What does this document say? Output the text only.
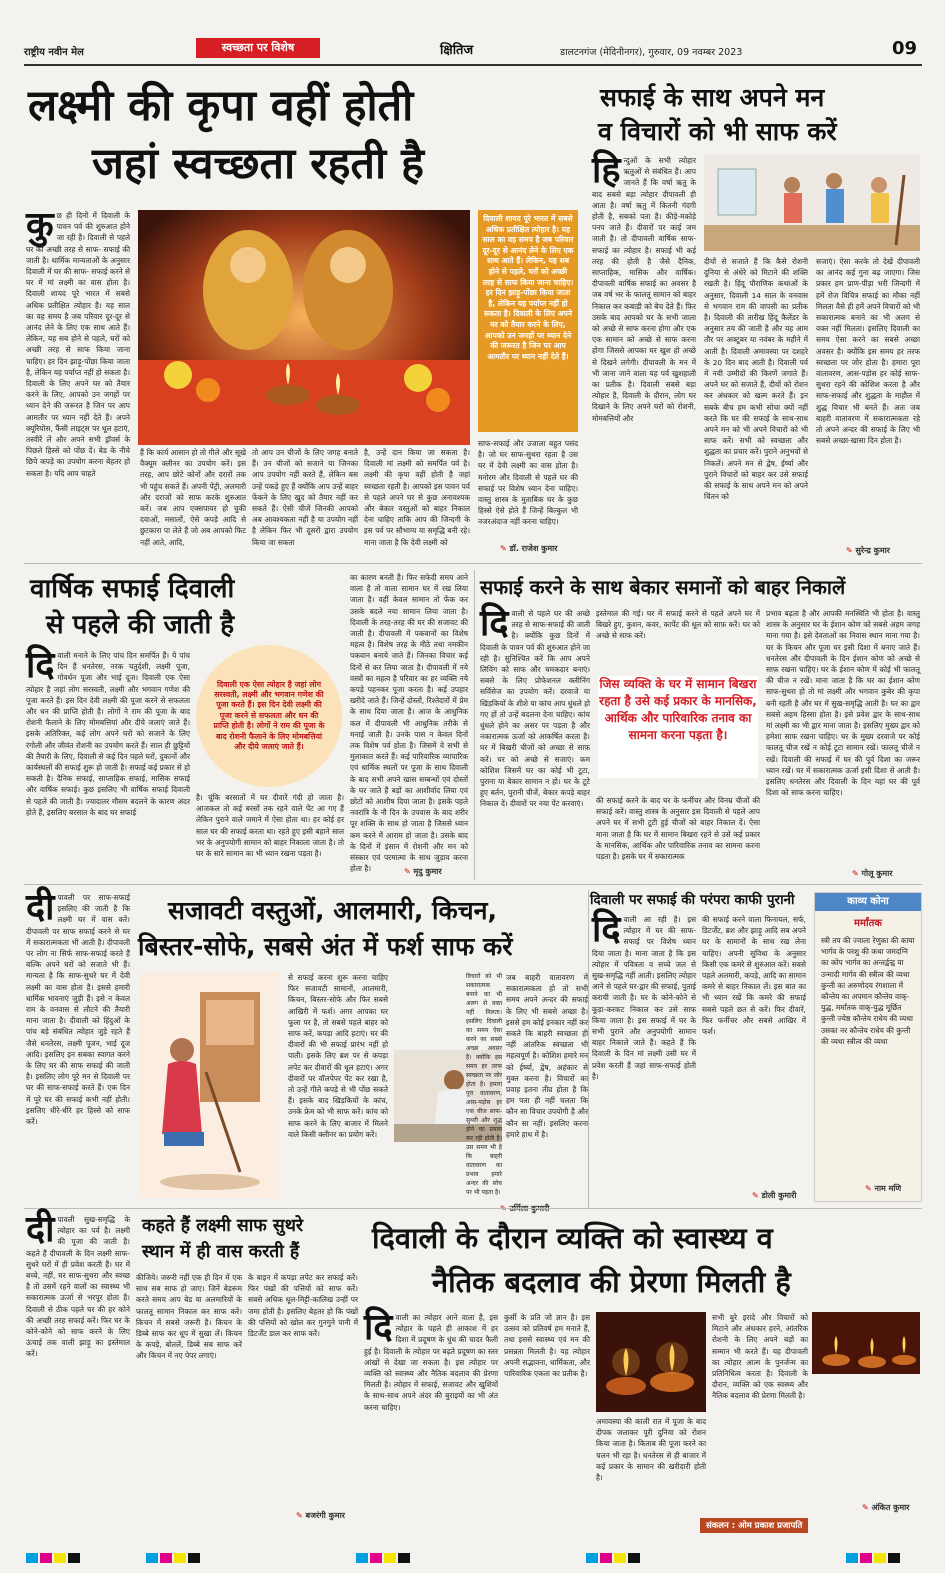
राष्ट्रीय नवीन मेल	स्वच्छता पर विशेष	क्षितिज	डालटनगंज (मेदिनीनगर), गुरुवार, 09 नवम्बर 2023	09
लक्ष्मी की कृपा वहीं होती
जहां स्वच्छता रहती है
कु छ ही दिनों में दिवाली के पावन पर्व की शुरुआत होने जा रही है। दिवाली से पहले घर की अच्छी तरह से साफ- सफाई की जाती है। धार्मिक मान्यताओं के अनुसार दिवाली में घर की साफ- सफाई करने से घर में मां लक्ष्मी का वास होता है। दिवाली शायद पूरे भारत में सबसे अधिक प्रतीक्षित त्योहार है। यह साल का वह समय है जब परिवार दूर-दूर से आनंद लेने के लिए एक साथ आते हैं। लेकिन, यह सब होने से पहले, घरों को अच्छी तरह से साफ किया जाना चाहिए। हर दिन झाड़ू-पोंछा किया जाता है, लेकिन यह पर्याप्त नहीं हो सकता है। दिवाली के लिए अपने घर को तैयार करने के लिए, आपको उन जगहों पर ध्यान देने की जरूरत है जिन पर आप आमतौर पर ध्यान नहीं देते हैं। अपने क्यूरियोस, फैंसी लाइट्स पर धूल हटाएं, तस्वीरें लें और अपने सभी ड्रॉवर्स के पिछले हिस्से को पोंछ दें। बेड के नीचे छिपे कपड़े का उपयोग करना बेहतर हो सकता है। यदि आप चाहते
हैं कि कार्य आसान हो तो गीले और सूखे वैक्यूम क्लीनर का उपयोग करें। इस तरह, आप छोटे कोनों और दरारों तक भी पहुंच सकते हैं। अपनी पेंट्री, अलमारी और दराजों को साफ करके शुरुआत करें। जब आप एक्सपायर हो चुकी दवाओं, मसालों, ऐसे कपड़े आदि से छुटकारा पा लेते हैं जो अब आपको फिट नहीं आते, आदि,
तो आप उन चीजों के लिए जगह बनाते हैं। उन चीजों को सजाने या जिनका आप उपयोग नहीं करते हैं, लेकिन बस उन्हें पकड़े हुए हैं क्योंकि आप उन्हें बाहर फेंकने के लिए खुद को तैयार नहीं कर सकते हैं। ऐसी चीजें जिनकी आपको अब आवश्यकता नहीं है या उपयोग नहीं है लेकिन फिर भी दूसरों द्वारा उपयोग किया जा सकता
है, उन्हें दान किया जा सकता है। दिवाली मां लक्ष्मी को समर्पित पर्व है। लक्ष्मी की कृपा वहीं होती है जहां स्वच्छता रहती है। आपको इस पावन पर्व से पहले अपने घर से कुछ अनावश्यक और बेकार वस्तुओं को बाहर निकाल देना चाहिए ताकि आप की जिन्दगी के इस पर्व पर सौभाग्य या समृद्धि बनी रहे। माना जाता है कि देवी लक्ष्मी को
दिवाली शायद पूरे भारत में सबसे अधिक प्रतीक्षित त्योहार है। यह साल का वह समय है जब परिवार दूर-दूर से आनंद लेने के लिए एक साथ आते हैं। लेकिन, यह सब होने से पहले, घरों को अच्छी तरह से साफ किया जाना चाहिए। हर दिन झाड़ू-पोंछा किया जाता है, लेकिन यह पर्याप्त नहीं हो सकता है। दिवाली के लिए अपने घर को तैयार करने के लिए, आपको उन जगहों पर ध्यान देने की जरूरत है जिन पर आप आमतौर पर ध्यान नहीं देते हैं।
साफ-सफाई और उजाला बहुत पसंद है। जो घर साफ-सुथरा रहता है उस घर में देवी लक्ष्मी का वास होता है। मनोरम और दिवाली से पहले घर की सफाई पर विशेष ध्यान देना चाहिए। वास्तु शास्त्र के मुताबिक घर के कुछ हिस्से ऐसे होते हैं जिन्हें बिल्कुल भी नजरअंदाज नहीं करना चाहिए।
✎ डॉ. राजेश कुमार
सफाई के साथ अपने मन
व विचारों को भी साफ करें
हि न्दुओं के सभी त्योहार ऋतुओं से संबंधित हैं। आप जानते हैं कि वर्षा ऋतु के बाद सबसे बड़ा त्योहार दीपावली ही आता है। वर्षा ऋतु में कितनी गंदगी होती है, सबको पता है। कीड़े-मकोड़े पनप जाते हैं। दीवारों पर काई जम जाती है। तो दीपावली वार्षिक साफ-सफाई का त्योहार है। सफाई भी कई तरह की होती है जैसे दैनिक, साप्ताहिक, मासिक और वार्षिक। दीपावली वार्षिक सफाई का अवसर है जब वर्ष भर के फालतू सामान को बाहर निकाल कर कबाड़ी को बेच देते हैं। फिर उसके बाद आपको घर के सभी जाला को अच्छे से साफ करना होगा और एक एक सामान को अच्छे से साफ करना होगा जिससे आपका घर खुश हो अच्छे से दिखने लगेगी। दीपावली के मन में भी जाना जाने वाला यह पर्व खुशहाली का प्रतीक है। दिवाली सबसे बड़ा त्योहार है, दिवाली के दौरान, लोग घर दिखाने के लिए अपने घरों को रोशनी, मोमबत्तियों और
दीयों से सजाते हैं कि कैसे रोशनी दुनिया से अंधेरे को मिटाने की शक्ति रखती है। हिंदू पौराणिक कथाओं के अनुसार, दिवाली 14 साल के वनवास से भगवान राम की वापसी का प्रतीक है। दिवाली की तारीख हिंदू कैलेंडर के अनुसार तय की जाती है और यह आम तौर पर अक्टूबर या नवंबर के महीने में आती है। दिवाली अमावस्या पर दशहरे के 20 दिन बाद आती है। दिवाली पर्व में नयी उम्मीदों की किरणें जगाते हैं। अपने घर को सजाते हैं, दीयों को रोशन कर अंधकार को खत्म करते हैं। इन सबके बीच हम कभी सोचा क्यों नहीं करते कि घर की सफाई के साथ-साथ अपने मन को भी अपने विचारों को भी साफ करें। सभी को स्वच्छता और शुद्धता का प्रचार करें। पुराने अनुभवों से निकलें। अपने मन से द्वेष, ईर्ष्या और पुराने विचारों को बाहर कर उसे सफाई की सफाई के साथ अपने मन को अपने चिंतन को
सजाएं। ऐसा करके तो देखें दीपावली का आनंद कई गुना बढ़ जाएगा। जिस प्रकार हम प्राण-पीड़ा भरी जिन्दगी में हमें रोज विचित्र सफाई का मौका नहीं मिलता वैसे ही हमें अपने विचारों को भी सकारात्मक बनाने का भी अलग से वक्त नहीं मिलता। इसलिए दिवाली का समय ऐसा करने का सबसे अच्छा अवसर है। क्योंकि इस समय हर तरफ स्वच्छता पर जोर होता है। हमारा पूरा वातावरण, आस-पड़ोस हर कोई साफ-सुथरा रहने की कोशिश करता है और साफ-सफाई और शुद्धता के माहौल में शुद्ध विचार भी बनते हैं। अतः जब बाहरी वातावरण में सकारात्मकता रहे तो अपने अन्दर की सफाई के लिए भी सबसे अच्छा-खासा दिन होता है।
✎ सुरेन्द्र कुमार
वार्षिक सफाई दिवाली
से पहले की जाती है
दि वाली मनाने के लिए पांच दिन समर्पित हैं। ये पांच दिन हैं धनतेरस, नरक चतुर्दशी, लक्ष्मी पूजा, गोवर्धन पूजा और भाई दूज। दिवाली एक ऐसा त्योहार है जहां लोग सरस्वती, लक्ष्मी और भगवान गणेश की पूजा करते हैं। इस दिन देवी लक्ष्मी की पूजा करने से सफलता और धन की प्राप्ति होती है। लोगों ने राम की पूजा के बाद रोशनी फैलाने के लिए मोमबत्तियां और दीये जलाएं जाते हैं। इसके अतिरिक्त, कई लोग अपने घरों को सजाने के लिए रंगोली और जीवंत रोशनी का उपयोग करते हैं। साल ही छुट्टियों की तैयारी के लिए, दिवाली से कई दिन पहले घरों, दुकानों और कार्यस्थलों की सफाई शुरू हो जाती है। सफाई कई प्रकार से हो सकती है। दैनिक सफाई, साप्ताहिक सफाई, मासिक सफाई और वार्षिक सफाई। कुछ इसलिए भी वार्षिक सफाई दिवाली से पहले की जाती है। ज्यादातर मौसम बदलने के कारण अंदर होते हैं, इसलिए बरसात के बाद घर सफाई
दिवाली एक ऐसा त्योहार है जहां लोग सरस्वती, लक्ष्मी और भगवान गणेश की पूजा करते हैं। इस दिन देवी लक्ष्मी की पूजा करने से सफलता और धन की प्राप्ति होती है। लोगों ने राम की पूजा के बाद रोशनी फैलाने के लिए मोमबत्तियां और दीये जलाएं जाते हैं।
है। चूंकि बरसातों में घर दीवारें गंदी हो जाता है। आजकल तो कई बरसों तक रहने वाले पेंट आ गए हैं लेकिन पुराने वाले जमाने में ऐसा होता था। हर कोई हर साल घर की सफाई करता था। रहते हुए इसी बहाने साल भर के अनुपयोगी सामान को बाहर निकाला जाता है। तो घर के सारे सामान का भी ध्यान रखना पड़ता है।
का कारण बनती है। फिर सफेदी समय आने वाला है तो वाला सामान घर में रख लिया जाता है। वहीं केवल सामान तो फेंक कर उसके बदले नया सामान लिया जाता है। दिवाली के तरह-तरह की घर की सजावट की जाती है। दीपावली में पकवानों का विशेष महत्व है। विशेष तरह के मीठे तथा नमकीन पकवान बनाये जाते हैं। जिनका विचार कई दिनों से कर लिया जाता है। दीपावली में नये वस्त्रों का महत्व है परिवार का हर व्यक्ति नये कपड़े पहनकर पूजा करता है। कई उपहार खरीदे जाते हैं। जिन्हें दोस्तों, रिश्तेदारों में प्रेम के साथ दिया जाता है। आज के आधुनिक कल में दीपावली भी आधुनिक तरीके से मनाई जाती है। उनके पास न केवल दिनों तक विशेष पर्व होता है। जिसमें वे सभी से मुलाकात करते हैं। कई पारिवारिक व्यापारिक एवं धार्मिक स्थलों पर पूजा के साथ दिवाली के बाद सभी अपने खास सम्बन्धों एवं दोस्तों के घर जाते हैं बड़ों का आशीर्वाद लिया एवं छोटों को आशीष दिया जाता है। इसके पहले नवरात्रि के नौ दिन के उपवास के बाद शरीर पूर शक्ति के साथ हो जाता है जिससे ध्यान कम करने में आराम हो जाता है। उसके बाद के दिनों में इंसान में रोशनी और मन को संस्कार एवं परमात्मा के साथ जुड़ाव करना होता है।
✎	मृदु कुमार
सफाई करने के साथ बेकार समानों को बाहर निकालें
दि वाली से पहले घर की अच्छे तरह से साफ-सफाई की जाती है। क्योंकि कुछ दिनों में दिवाली के पावन पर्व की शुरुआत होने जा रही है। सुनिश्चित करें कि आप अपने लिविंग को साफ और चमकदार बनाएं। सबसे के लिए प्रोफेशनल क्लीनिंग सर्विसेज का उपयोग करें। दरवाजे या खिड़कियों के शीशे या कांच आप धुंधले हो गए हों तो उन्हें बदलना देना चाहिए। कांच धुंधले होने का असर पर पड़ता है और नकारात्मक ऊर्जा को आकर्षित करता है। घर में बिखरी चीजों को अच्छा से साफ़ करें। घर को अच्छे से सजाएं। कम कोशिश जिसमें घर का कोई भी टूटा, पुराना या बेकार सामान न हो। घर के टूटे हुए बर्तन, पुरानी चीजें, बेकार कपड़े बाहर निकाल दें। दीवारों पर नया पेंट करवाएं।
इस्तेमाल की गई। घर में सफाई करने से पहले अपने घर में बिखरे हुए, कुशन, कवर, कार्पेट की धूल को साफ़ करें। घर को अच्छे से साफ करें।
जिस व्यक्ति के घर में सामान बिखरा रहता है उसे कई प्रकार के मानसिक, आर्थिक और पारिवारिक तनाव का सामना करना पड़ता है।
की सफाई करने के बाद घर के फर्नीचर और विनम्र चीजों की सफाई करें। वास्तु शास्त्र के अनुसार इस दिवाली से पहले आप अपने घर में सभी टूटी हुई चीजों को बाहर निकाल दें। ऐसा माना जाता है कि घर में सामान बिखरा रहने से उसे कई प्रकार के मानसिक, आर्थिक और पारिवारिक तनाव का सामना करना पड़ता है। इसके घर में सकारात्मक
प्रभाव बढ़ता है और आपकी मनस्थिति भी होता है। वास्तु शास्त्र के अनुसार घर के ईशान कोण को सबसे अहम जगह माना गया है। इसे देवताओं का निवास स्थान माना गया है। घर के किचन और पूजा घर इसी दिशा में बनाए जाते हैं। धनतेरस और दीपावली के दिन ईशान कोण को अच्छे से साफ़ रखना चाहिए। घर के ईशान कोण में कोई भी फालतू की चीज न रखें। माना जाता है कि घर का ईशान कोण साफ-सुथरा हो तो मां लक्ष्मी और भगवान कुबेर की कृपा बनी रहती है और घर में सुख-समृद्धि आती है। घर का द्वार सबसे अहम हिस्सा होता है। इसे प्रवेश द्वार के साथ-साथ मां लक्ष्मी का भी द्वार माना जाता है। इसलिए मुख्य द्वार को हमेशा साफ रखना चाहिए। घर के मुख्य दरवाजे पर कोई फालतू चीज रखें न कोई टूटा सामान रखें। फालतू चीजें न रखें। दिवाली की सफाई में घर की पूर्व दिशा का जरूर ध्यान रखें। घर में सकारात्मक ऊर्जा इसी दिशा से आती है। इसलिए धनतेरस और दिवाली के दिन यहां घर की पूर्व दिशा को साफ करना चाहिए।
✎ गोलू कुमार
दी पावली पर साफ-सफाई इसलिए की जाती है कि लक्ष्मी घर में वास करें। दीपावली पर साफ सफाई करने से घर में सकारात्मकता भी आती है। दीपावली पर लोग ना सिर्फ साफ-सफाई करते हैं बल्कि अपने घरों को सजाते भी हैं। मान्यता है कि साफ-सुथरे घर में देवी लक्ष्मी का वास होता है। इससे हमारी धार्मिक भावनाएं जुड़ी हैं। इसे न केवल राम के वनवास से लौटने की तैयारी माना जाता है। दीवाली को हिंदुओं के पांच बड़े संबंधित त्योहार जुड़े रहते हैं जैसे धनतेरस, लक्ष्मी पूजन, भाई दूज आदि। इसलिए इन सबका स्वागत करने के लिए घर की साफ सफाई की जाती है। इसलिए लोग पूरे मन से दिवाली पर घर की साफ-सफाई करते हैं। एक दिन में पूरे घर की सफाई कभी नहीं होती। इसलिए धीरे-धीरे हर हिस्से को साफ करें।
सजावटी वस्तुओं, आलमारी, किचन,
बिस्तर-सोफे, सबसे अंत में फर्श साफ करें
से सफाई करना शुरू करना चाहिए फिर सजावटी सामानों, आलमारी, किचन, बिस्तर-सोफे और फिर सबसे आखिरी में फर्श। अगर आपका घर फूला पर है, तो सबसे पहले बाहर को साफ करें, कपड़ा आदि हटाएं। घर की दीवारों की भी सफाई प्रारंभ नहीं हो पाती। इसके लिए ब्रश पर से कपड़ा लपेट कर दीवारों की धूल हटाएं। अगर दीवारों पर वॉलपेपर पेंट कर रखा है, तो उन्हें गीले कपड़े से भी पोंछ सकते हैं। इसके बाद खिड़कियों के कांच, उनके फ्रेम को भी साफ करें। कांच को साफ करने के लिए बाजार में मिलने वाले किसी क्लीनर का प्रयोग करें।
विचारों को भी सकारात्मक बनाने का भी अलग से वक्त नहीं मिलता। इसलिए दिवाली का समय ऐसा करने का सबसे अच्छा अवसर है। क्योंकि इस समय हर तरफ स्वच्छता पर जोर होता है। हमारा पूरा वातावरण, आस-पड़ोस हर एक चीज साफ-सुथरी और शुद्ध होने का प्रयास कर रही होती है। उस समय भी है कि बाहरी वातावरण का प्रभाव हमारे अन्दर की सोच पर भी पड़ता है।
जब बाहरी वातावरण में सकारात्मकता हो तो सभी समय अपने अन्दर की सफाई के लिए भी सबसे अच्छा है। इससे हम कोई इनकार नहीं कर सकते कि बाहरी स्वच्छता ही नहीं आंतरिक स्वच्छता भी महत्वपूर्ण है। कोशिश हमारे मन को ईर्ष्या, द्वेष, अहंकार से मुक्त करना है। विचारों का प्रवाह इतना तीव्र होता है कि हम पता ही नहीं चलता कि कौन सा विचार उपयोगी है और कौन सा नहीं। इसलिए करना हमारे हाथ में है।
✎
दिवाली पर सफाई की परंपरा काफी पुरानी
दि वाली आ रही है। इस त्योहार में घर की साफ-सफाई पर विशेष ध्यान दिया जाता है। माना जाता है कि इस त्योहार में पवित्रता व सच्चे जल से सुख-समृद्धि नहीं आती। इसलिए त्योहार आने से पहले घर-द्वार की सफाई, पुताई करायी जाती है। घर के कोने-कोने से कूड़ा-करकट निकाल कर उसे साफ किया जाता है। इस सफाई में घर के सभी पुराने और अनुपयोगी सामान बाहर निकाले जाते हैं। कहते हैं कि दिवाली के दिन मां लक्ष्मी उसी घर में प्रवेश करती हैं जहां साफ-सफाई होती है।
की सफाई करने वाला फिनायल, सर्फ, डिटर्जेंट, ब्रश और झाड़ू आदि सब अपने घर के सामानों के साथ रख लेना चाहिए। अपनी सुविधा के अनुसार किसी एक कमरे से शुरुआत करें। सबसे पहले अलमारी, कपड़े, आदि का सामान कमरे से बाहर निकाल लें। इस बात का भी ध्यान रखें कि कमरे की सफाई सबसे पहले छत से करें। फिर दीवारें, फिर फर्नीचर और सबसे आखिर में फर्श।
✎ डोली कुमारी
काव्य कोना
मर्मांतक
स्त्री तप की ज्वाला रेणुका की काया भार्गव के परशु की कथा जमदग्नि का कोप भार्गव का अन्तर्द्वन्द्व या उन्मादी मार्गव की स्त्रीत्व की व्यथा कुन्ती का अरुणोदय रंगशाला में कौन्तेय का अपमान कौन्तेय वाक्-युद्ध, मर्मांतक वाक्-युद्ध मूर्छित कुन्ती ज्येष्ठ कौन्तेय राधेय की व्यथा उसका नर कौन्तेय राधेय की कुन्ती की व्यथा स्त्रीत्व की व्यथा
✎ नाम मणि
दी पावली सुख-समृद्धि के त्योहार का पर्व है। लक्ष्मी की पूजा की जाती है। कहते हैं दीपावली के दिन लक्ष्मी साफ-सुथरे घरों में ही प्रवेश करती हैं। घर में बच्चे, नहीं, घर साफ-सुथरा और स्वच्छ है तो उसमें रहने वालों का स्वास्थ्य भी सकारात्मक ऊर्जा से भरपूर होता है। दिवाली से ठीक पहले घर की हर कोने की अच्छी तरह सफाई करें। फिर घर के कोने-कोने को साफ करने के लिए ऊंचाई तक वाली झाड़ू का इस्तेमाल करें।
कहते हैं लक्ष्मी साफ सुथरे
स्थान में ही वास करती हैं
कीजिये। जरूरी नहीं एक ही दिन में एक साथ सब साफ हो जाए। जिनें बेडरूम करते समय आप बेड या अलमारियों के फालतू सामान निकाल कर साफ करें। किचन में सबसे जरूरी है। किचन के डिब्बे साफ कर धूप में सुखा लें। किचन के कपड़े, बोतलें, डिब्बे सब साफ करें और किचन में नए पेपर लगाएं।
के बाइन में कपड़ा लपेट कर सफाई करें। फिर पंखों की पत्तियों को साफ करें। सबसे अधिक धूल-मिट्टी-कालिख उन्हीं पर जमा होती है। इसलिए बेहतर हो कि पंखों की पत्तियों को खोल कर गुनगुने पानी में डिटर्जेंट डाल कर साफ करें।
✎ बजरंगी कुमार
दिवाली के दौरान व्यक्ति को स्वास्थ्य व
नैतिक बदलाव की प्रेरणा मिलती है
दि वाली का त्योहार आने वाला है, इस त्योहार के पहले ही आकाश में हर दिशा में प्रदूषण के धुंध की चादर फैली हुई है। दिवाली के त्योहार पर बढ़ते प्रदूषण का स्तर आंखों से देखा जा सकता है। इस त्योहार पर व्यक्ति को स्वास्थ्य और नैतिक बदलाव की प्रेरणा मिलती है। त्योहार में सफाई, सजावट और खुशियों के साथ-साथ अपने अंदर की बुराइयों का भी अंत करना चाहिए।
कुर्सी के प्रति जो ज्ञान है। इस उत्सव को प्रतिवर्ष हम मनाते हैं, तथा इससे स्वास्थ्य एवं मन की प्रसन्नता मिलती है। यह त्योहार अपनी सद्भावना, धार्मिकता, और पारिवारिक एकता का प्रतीक है।
अमावस्या की काली रात में पूजा के बाद दीपक जलाकर पूरी दुनिया को रोशन किया जाता है। किताब की पूजा करने का चलन भी रहा है। धनतेरस से ही बाजार में कई प्रकार के सामान की खरीदारी होती है।
सभी बुरे इरादे और विचारों को मिटाने और अंधकार हरने, आंतरिक रोशनी के लिए अपने बड़ों का सम्मान भी करते हैं। यह दीपावली का त्योहार आत्म के पुनर्जन्म का प्रतिनिधित्व करता है। दिवाली के दौरान, व्यक्ति को एक स्वस्थ्य और नैतिक बदलाव की प्रेरणा मिलती है।
✎ अंकित कुमार
संकलन : ओम प्रकाश प्रजापति
